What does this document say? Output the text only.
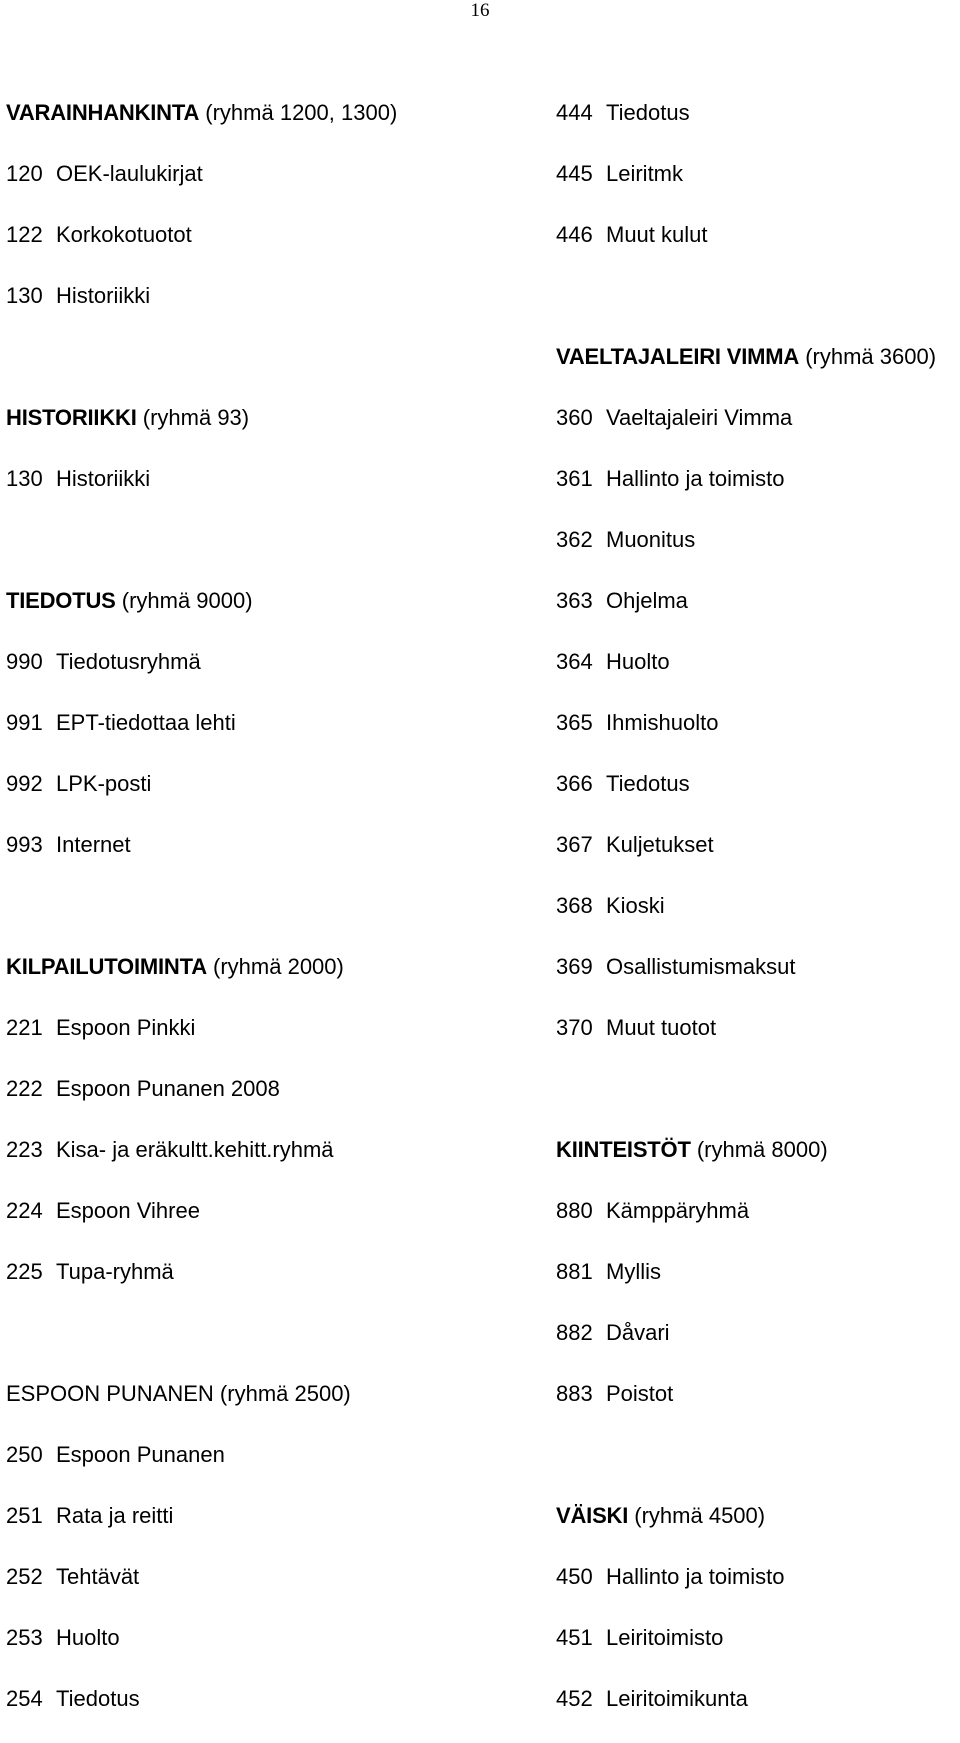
16
VARAINHANKINTA (ryhmä 1200, 1300)
120 OEK-laulukirjat
122 Korkokotuotot
130 Historiikki
HISTORIIKKI (ryhmä 93)
130 Historiikki
TIEDOTUS (ryhmä 9000)
990 Tiedotusryhmä
991 EPT-tiedottaa lehti
992 LPK-posti
993 Internet
KILPAILUTOIMINTA (ryhmä 2000)
221 Espoon Pinkki
222 Espoon Punanen 2008
223 Kisa- ja eräkultt.kehitt.ryhmä
224 Espoon Vihree
225 Tupa-ryhmä
ESPOON PUNANEN (ryhmä 2500)
250 Espoon Punanen
251 Rata ja reitti
252 Tehtävät
253 Huolto
254 Tiedotus
444 Tiedotus
445 Leiritmk
446 Muut kulut
VAELTAJALEIRI VIMMA (ryhmä 3600)
360 Vaeltajaleiri Vimma
361 Hallinto ja toimisto
362 Muonitus
363 Ohjelma
364 Huolto
365 Ihmishuolto
366 Tiedotus
367 Kuljetukset
368 Kioski
369 Osallistumismaksut
370 Muut tuotot
KIINTEISTÖT (ryhmä 8000)
880 Kämppäryhmä
881 Myllis
882 Dåvari
883 Poistot
VÄISKI (ryhmä 4500)
450 Hallinto ja toimisto
451 Leiritoimisto
452 Leiritoimikunta
